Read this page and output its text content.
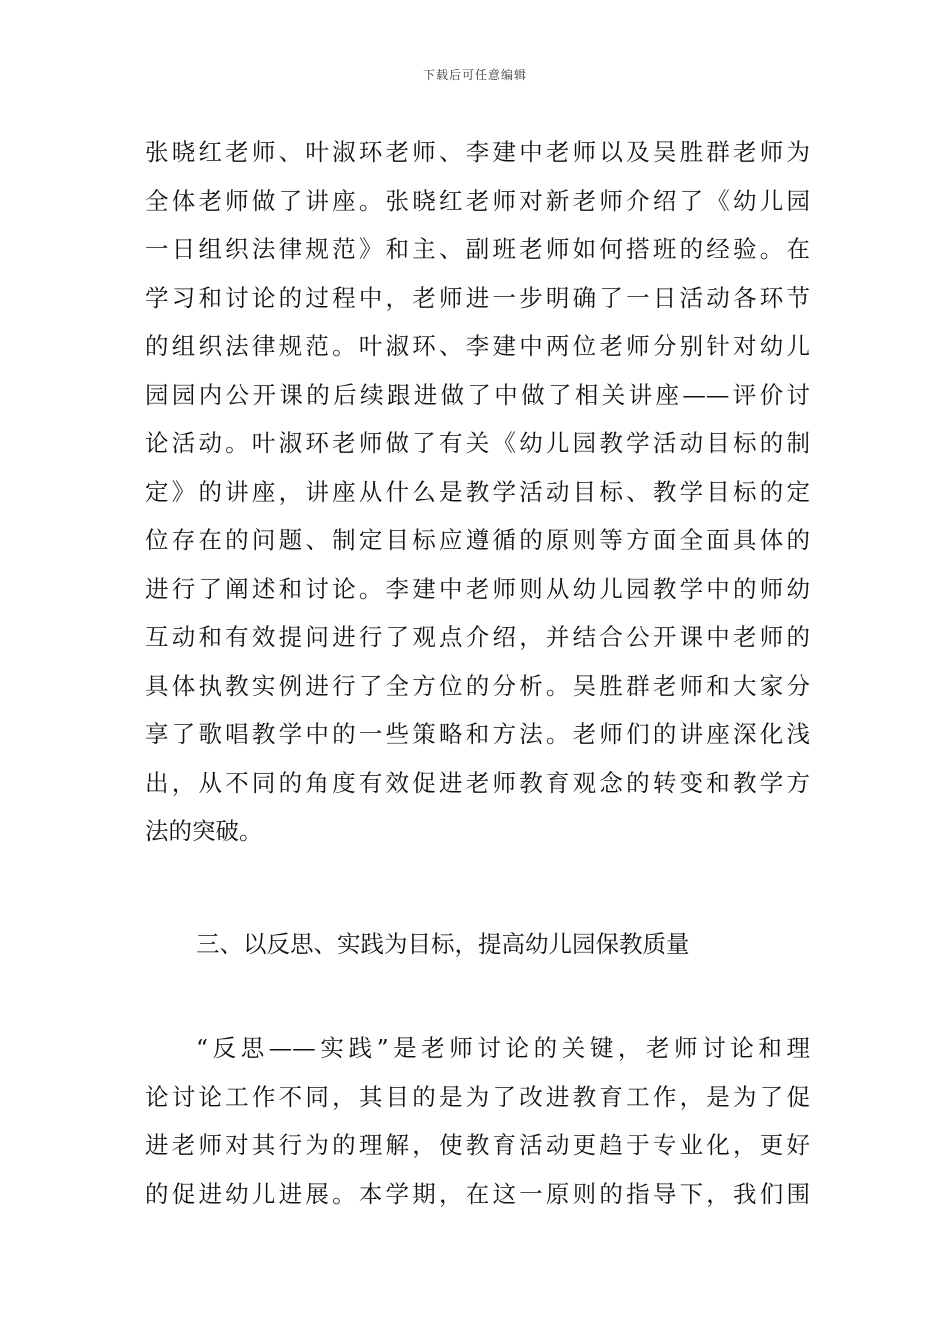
下载后可任意编辑
张晓红老师、叶淑环老师、李建中老师以及吴胜群老师为
全体老师做了讲座。张晓红老师对新老师介绍了《幼儿园
一日组织法律规范》和主、副班老师如何搭班的经验。在
学习和讨论的过程中，老师进一步明确了一日活动各环节
的组织法律规范。叶淑环、李建中两位老师分别针对幼儿
园园内公开课的后续跟进做了中做了相关讲座——评价讨
论活动。叶淑环老师做了有关《幼儿园教学活动目标的制
定》的讲座，讲座从什么是教学活动目标、教学目标的定
位存在的问题、制定目标应遵循的原则等方面全面具体的
进行了阐述和讨论。李建中老师则从幼儿园教学中的师幼
互动和有效提问进行了观点介绍，并结合公开课中老师的
具体执教实例进行了全方位的分析。吴胜群老师和大家分
享了歌唱教学中的一些策略和方法。老师们的讲座深化浅
出，从不同的角度有效促进老师教育观念的转变和教学方
法的突破。
三、以反思、实践为目标，提高幼儿园保教质量
“反思——实践”是老师讨论的关键，老师讨论和理
论讨论工作不同，其目的是为了改进教育工作，是为了促
进老师对其行为的理解，使教育活动更趋于专业化，更好
的促进幼儿进展。本学期，在这一原则的指导下，我们围
